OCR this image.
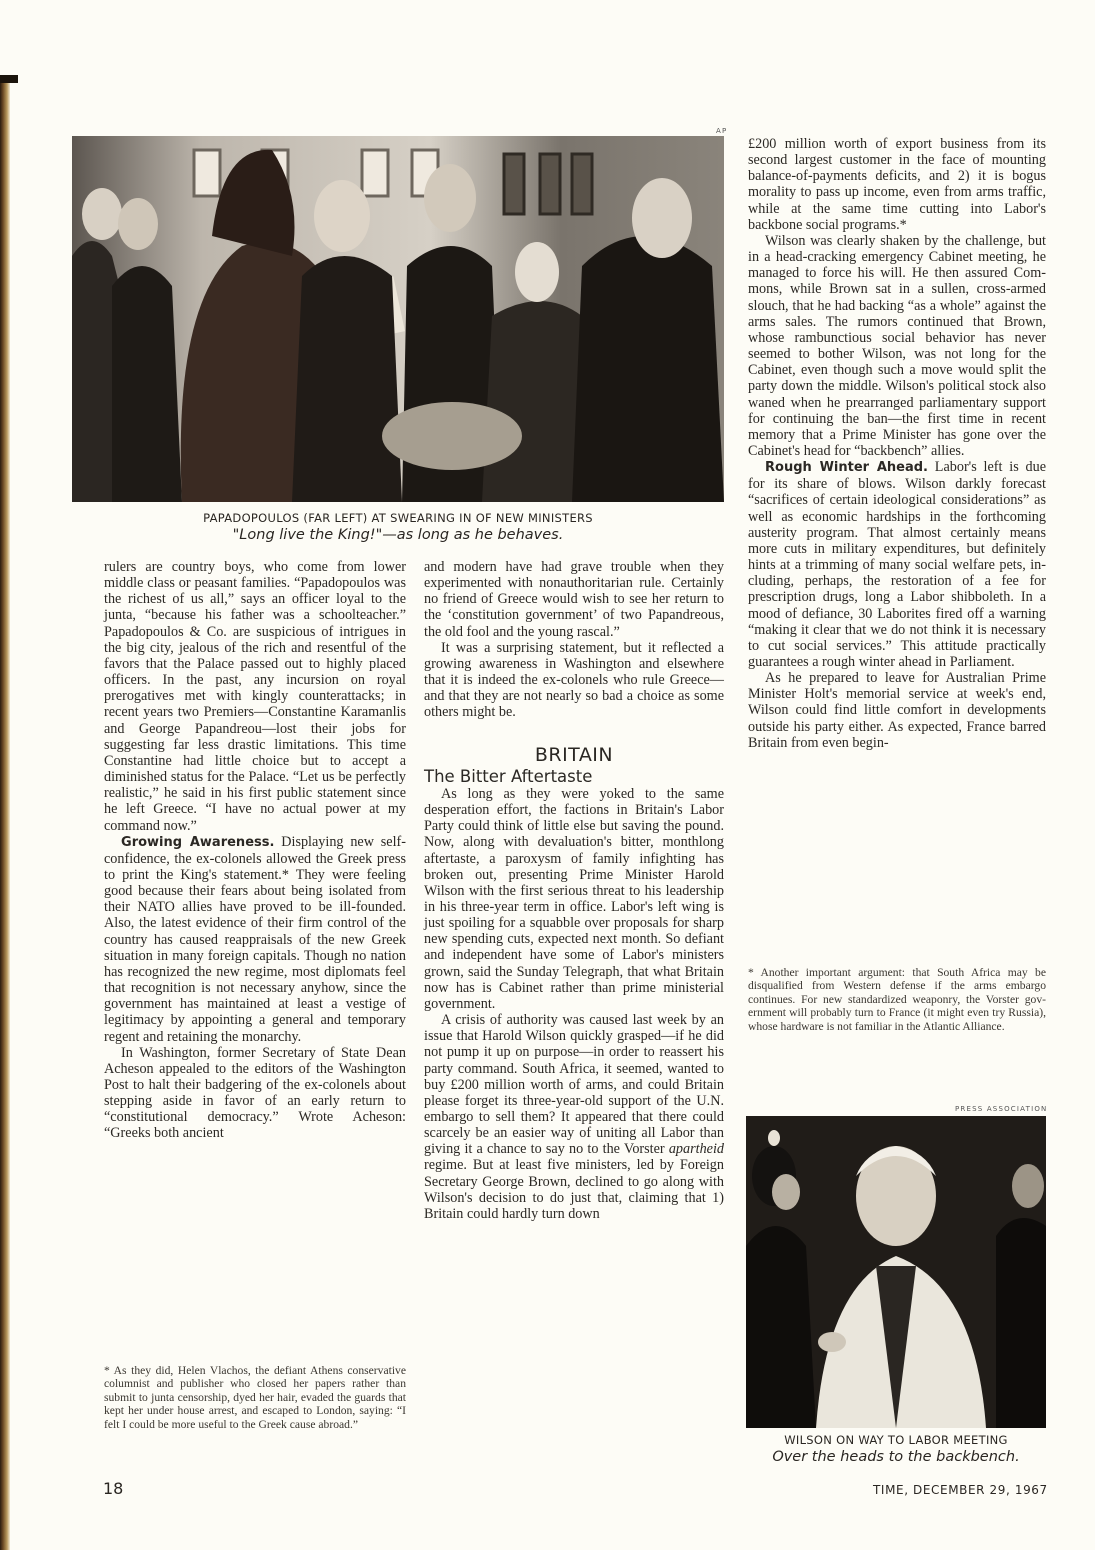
AP
PAPADOPOULOS (FAR LEFT) AT SWEARING IN OF NEW MINISTERS
"Long live the King!"—as long as he behaves.

rulers are country boys, who come from lower middle class or peasant families. “Papadopoulos was the richest of us all,” says an officer loyal to the junta, “because his father was a schoolteacher.” Papadopoulos & Co. are suspicious of intrigues in the big city, jealous of the rich and resentful of the favors that the Palace passed out to highly placed officers. In the past, any incursion on royal prerogatives met with kingly counterattacks; in recent years two Premiers—Constantine Karamanlis and George Papandreou—lost their jobs for suggesting far less drastic limitations. This time Constantine had little choice but to accept a diminished status for the Palace. “Let us be perfectly realistic,” he said in his first public statement since he left Greece. “I have no actual power at my command now.”

Growing Awareness. Displaying new self-confidence, the ex-colonels allowed the Greek press to print the King's statement.* They were feeling good because their fears about being isolated from their NATO allies have proved to be ill-founded. Also, the latest evidence of their firm control of the country has caused reappraisals of the new Greek situation in many foreign capitals. Though no nation has recognized the new regime, most diplomats feel that recognition is not necessary anyhow, since the government has maintained at least a vestige of legitimacy by appointing a general and temporary regent and retaining the monarchy.

In Washington, former Secretary of State Dean Acheson appealed to the editors of the Washington Post to halt their badgering of the ex-colonels about stepping aside in favor of an early return to “constitutional democracy.” Wrote Acheson: “Greeks both ancient

* As they did, Helen Vlachos, the defiant Athens conservative columnist and publisher who closed her papers rather than submit to junta censorship, dyed her hair, evaded the guards that kept her under house arrest, and escaped to London, saying: “I felt I could be more useful to the Greek cause abroad.”

and modern have had grave trouble when they experimented with nonauthoritarian rule. Certainly no friend of Greece would wish to see her return to the ‘constitution government’ of two Papandreous, the old fool and the young rascal.”

It was a surprising statement, but it reflected a growing awareness in Washington and elsewhere that it is indeed the ex-colonels who rule Greece—and that they are not nearly so bad a choice as some others might be.

BRITAIN
The Bitter Aftertaste

As long as they were yoked to the same desperation effort, the factions in Britain's Labor Party could think of little else but saving the pound. Now, along with devaluation's bitter, monthlong aftertaste, a paroxysm of family infighting has broken out, presenting Prime Minister Harold Wilson with the first serious threat to his leadership in his three-year term in office. Labor's left wing is just spoiling for a squabble over proposals for sharp new spending cuts, expected next month. So defiant and independent have some of Labor's ministers grown, said the Sunday Telegraph, that what Britain now has is Cabinet rather than prime ministerial government.

A crisis of authority was caused last week by an issue that Harold Wilson quickly grasped—if he did not pump it up on purpose—in order to reassert his party command. South Africa, it seemed, wanted to buy £200 million worth of arms, and could Britain please forget its three-year-old support of the U.N. embargo to sell them? It appeared that there could scarcely be an easier way of uniting all Labor than giving it a chance to say no to the Vorster apartheid regime. But at least five ministers, led by Foreign Secretary George Brown, declined to go along with Wilson's decision to do just that, claiming that 1) Britain could hardly turn down

£200 million worth of export business from its second largest customer in the face of mounting balance-of-payments deficits, and 2) it is bogus morality to pass up income, even from arms traffic, while at the same time cutting into Labor's backbone social programs.*

Wilson was clearly shaken by the challenge, but in a head-cracking emergency Cabinet meeting, he managed to force his will. He then assured Commons, while Brown sat in a sullen, cross-armed slouch, that he had backing “as a whole” against the arms sales. The rumors continued that Brown, whose rambunctious social behavior has never seemed to bother Wilson, was not long for the Cabinet, even though such a move would split the party down the middle. Wilson's political stock also waned when he prearranged parliamentary support for continuing the ban—the first time in recent memory that a Prime Minister has gone over the Cabinet's head for “backbench” allies.

Rough Winter Ahead. Labor's left is due for its share of blows. Wilson darkly forecast “sacrifices of certain ideological considerations” as well as economic hardships in the forthcoming austerity program. That almost certainly means more cuts in military expenditures, but definitely hints at a trimming of many social welfare pets, including, perhaps, the restoration of a fee for prescription drugs, long a Labor shibboleth. In a mood of defiance, 30 Laborites fired off a warning “making it clear that we do not think it is necessary to cut social services.” This attitude practically guarantees a rough winter ahead in Parliament.

As he prepared to leave for Australian Prime Minister Holt's memorial service at week's end, Wilson could find little comfort in developments outside his party either. As expected, France barred Britain from even begin-

* Another important argument: that South Africa may be disqualified from Western defense if the arms embargo continues. For new standardized weaponry, the Vorster government will probably turn to France (it might even try Russia), whose hardware is not familiar in the Atlantic Alliance.
PRESS ASSOCIATION
WILSON ON WAY TO LABOR MEETING
Over the heads to the backbench.
18	TIME, DECEMBER 29, 1967
